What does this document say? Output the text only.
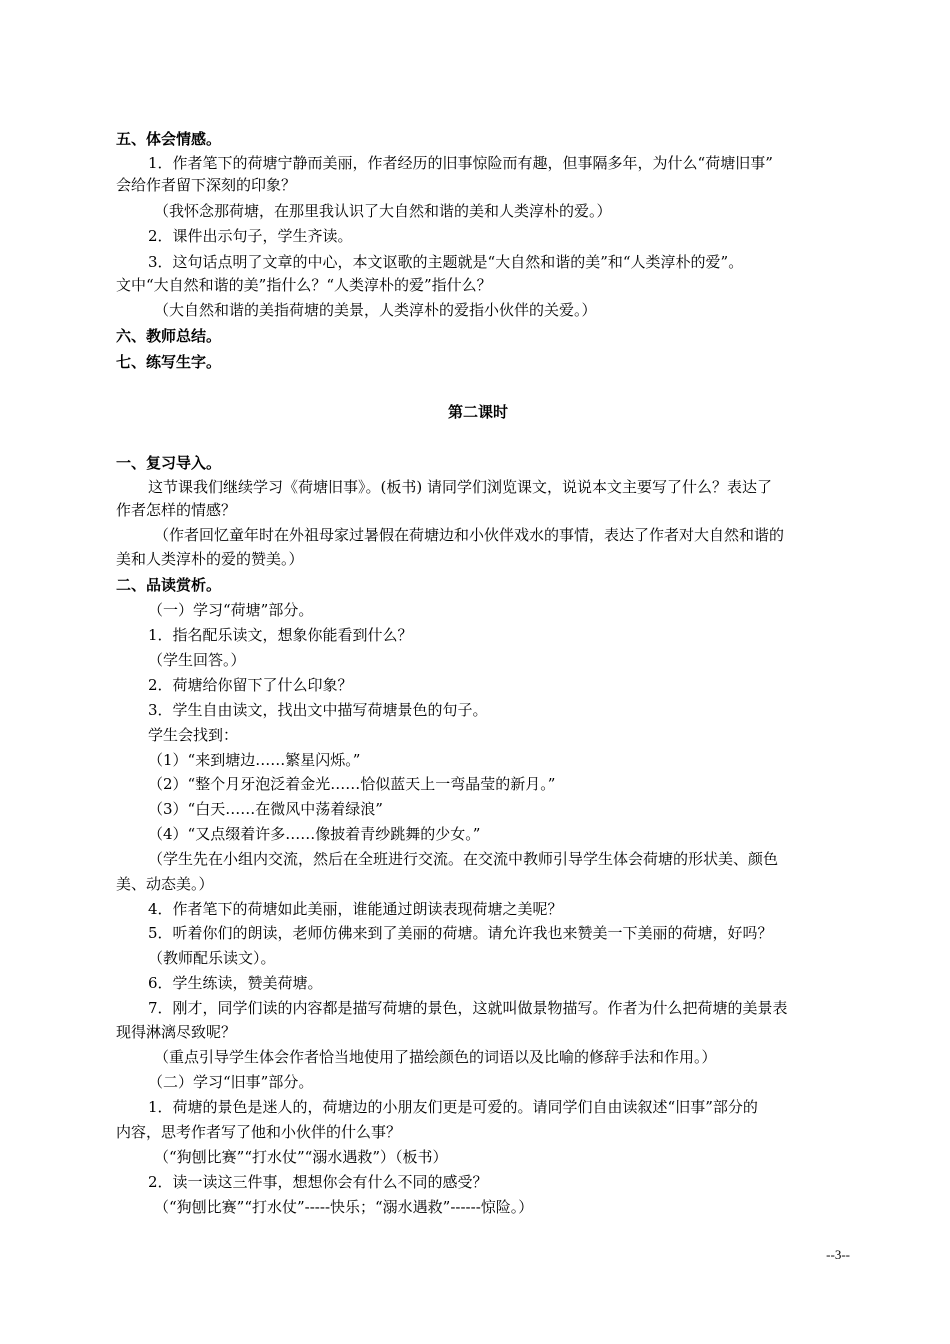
五、体会情感。
1．作者笔下的荷塘宁静而美丽，作者经历的旧事惊险而有趣，但事隔多年，为什么“荷塘旧事”
会给作者留下深刻的印象？
（我怀念那荷塘，在那里我认识了大自然和谐的美和人类淳朴的爱。）
2．课件出示句子，学生齐读。
3．这句话点明了文章的中心，本文讴歌的主题就是“大自然和谐的美”和“人类淳朴的爱”。
文中“大自然和谐的美”指什么？“人类淳朴的爱”指什么？
（大自然和谐的美指荷塘的美景，人类淳朴的爱指小伙伴的关爱。）
六、教师总结。
七、练写生字。
第二课时
一、复习导入。
这节课我们继续学习《荷塘旧事》。(板书) 请同学们浏览课文，说说本文主要写了什么？表达了
作者怎样的情感？
（作者回忆童年时在外祖母家过暑假在荷塘边和小伙伴戏水的事情，表达了作者对大自然和谐的
美和人类淳朴的爱的赞美。）
二、品读赏析。
（一）学习“荷塘”部分。
1．指名配乐读文，想象你能看到什么？
（学生回答。）
2．荷塘给你留下了什么印象？
3．学生自由读文，找出文中描写荷塘景色的句子。
学生会找到：
（1）“来到塘边……繁星闪烁。”
（2）“整个月牙泡泛着金光……恰似蓝天上一弯晶莹的新月。”
（3）“白天……在微风中荡着绿浪”
（4）“又点缀着许多……像披着青纱跳舞的少女。”
（学生先在小组内交流，然后在全班进行交流。在交流中教师引导学生体会荷塘的形状美、颜色
美、动态美。）
4．作者笔下的荷塘如此美丽，谁能通过朗读表现荷塘之美呢？
5．听着你们的朗读，老师仿佛来到了美丽的荷塘。请允许我也来赞美一下美丽的荷塘，好吗？
（教师配乐读文）。
6．学生练读，赞美荷塘。
7．刚才，同学们读的内容都是描写荷塘的景色，这就叫做景物描写。作者为什么把荷塘的美景表
现得淋漓尽致呢？
（重点引导学生体会作者恰当地使用了描绘颜色的词语以及比喻的修辞手法和作用。）
（二）学习“旧事”部分。
1．荷塘的景色是迷人的，荷塘边的小朋友们更是可爱的。请同学们自由读叙述“旧事”部分的
内容，思考作者写了他和小伙伴的什么事？
（“狗刨比赛”“打水仗”“溺水遇救”）（板书）
2．读一读这三件事，想想你会有什么不同的感受？
（“狗刨比赛”“打水仗”-----快乐；“溺水遇救”------惊险。）
--3--
